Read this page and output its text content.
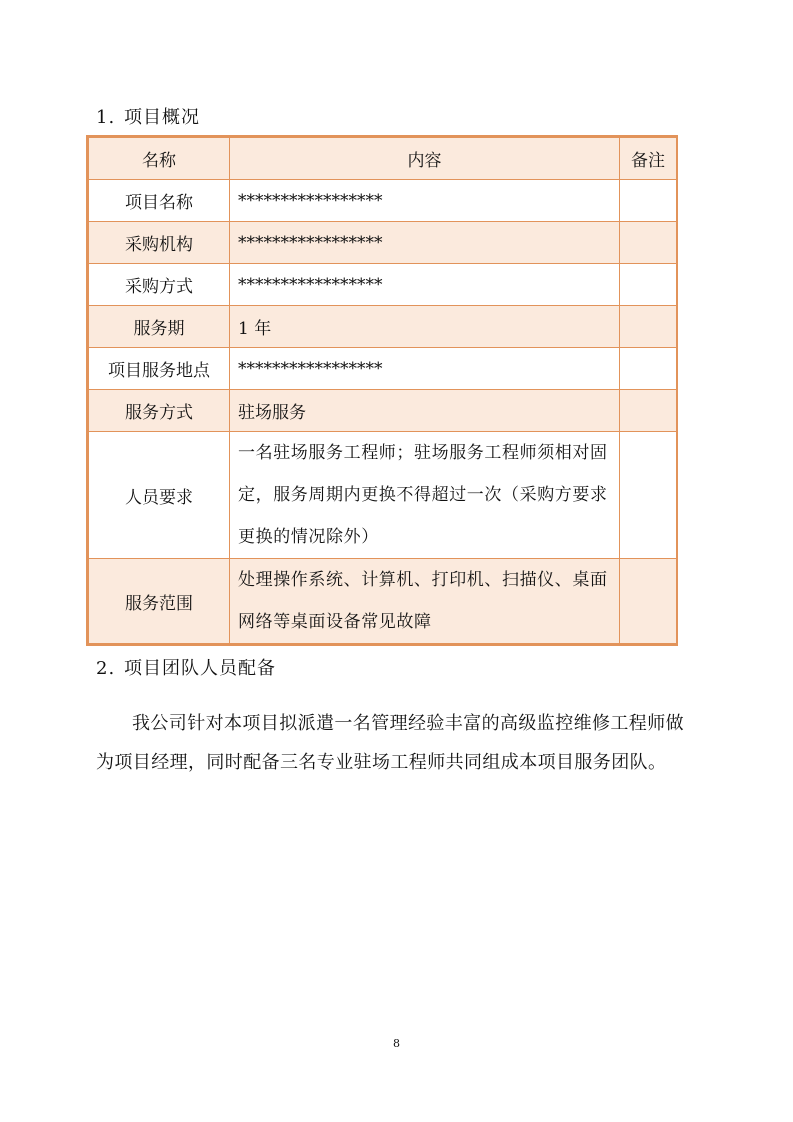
1. 项目概况
名称	内容	备注
项目名称	*****************	
采购机构	*****************	
采购方式	*****************	
服务期	1 年	
项目服务地点	*****************	
服务方式	驻场服务	
人员要求	一名驻场服务工程师；驻场服务工程师须相对固定，服务周期内更换不得超过一次（采购方要求更换的情况除外）	
服务范围	处理操作系统、计算机、打印机、扫描仪、桌面网络等桌面设备常见故障	
2. 项目团队人员配备

我公司针对本项目拟派遣一名管理经验丰富的高级监控维修工程师做为项目经理，同时配备三名专业驻场工程师共同组成本项目服务团队。

8
